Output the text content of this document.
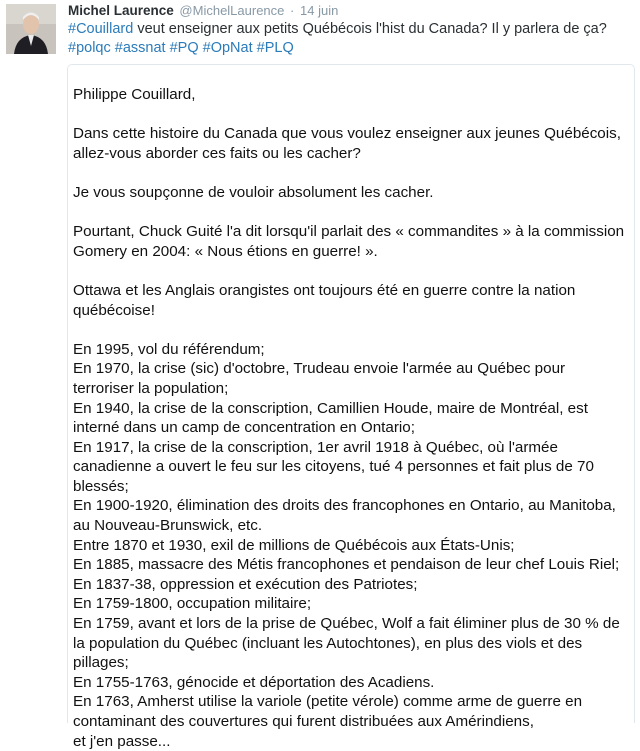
Michel Laurence @MichelLaurence · 14 juin
#Couillard veut enseigner aux petits Québécois l'hist du Canada? Il y parlera de ça? #polqc #assnat #PQ #OpNat #PLQ

Philippe Couillard,

Dans cette histoire du Canada que vous voulez enseigner aux jeunes Québécois, allez-vous aborder ces faits ou les cacher?

Je vous soupçonne de vouloir absolument les cacher.

Pourtant, Chuck Guité l'a dit lorsqu'il parlait des « commandites » à la commission Gomery en 2004: « Nous étions en guerre! ».

Ottawa et les Anglais orangistes ont toujours été en guerre contre la nation québécoise!

En 1995, vol du référendum;
En 1970, la crise (sic) d'octobre, Trudeau envoie l'armée au Québec pour terroriser la population;
En 1940, la crise de la conscription, Camillien Houde, maire de Montréal, est interné dans un camp de concentration en Ontario;
En 1917, la crise de la conscription, 1er avril 1918 à Québec, où l'armée canadienne a ouvert le feu sur les citoyens, tué 4 personnes et fait plus de 70 blessés;
En 1900-1920, élimination des droits des francophones en Ontario, au Manitoba, au Nouveau-Brunswick, etc.
Entre 1870 et 1930, exil de millions de Québécois aux États-Unis;
En 1885, massacre des Métis francophones et pendaison de leur chef Louis Riel;
En 1837-38, oppression et exécution des Patriotes;
En 1759-1800, occupation militaire;
En 1759, avant et lors de la prise de Québec, Wolf a fait éliminer plus de 30 % de la population du Québec (incluant les Autochtones), en plus des viols et des pillages;
En 1755-1763, génocide et déportation des Acadiens.
En 1763, Amherst utilise la variole (petite vérole) comme arme de guerre en contaminant des couvertures qui furent distribuées aux Amérindiens,
et j'en passe...
